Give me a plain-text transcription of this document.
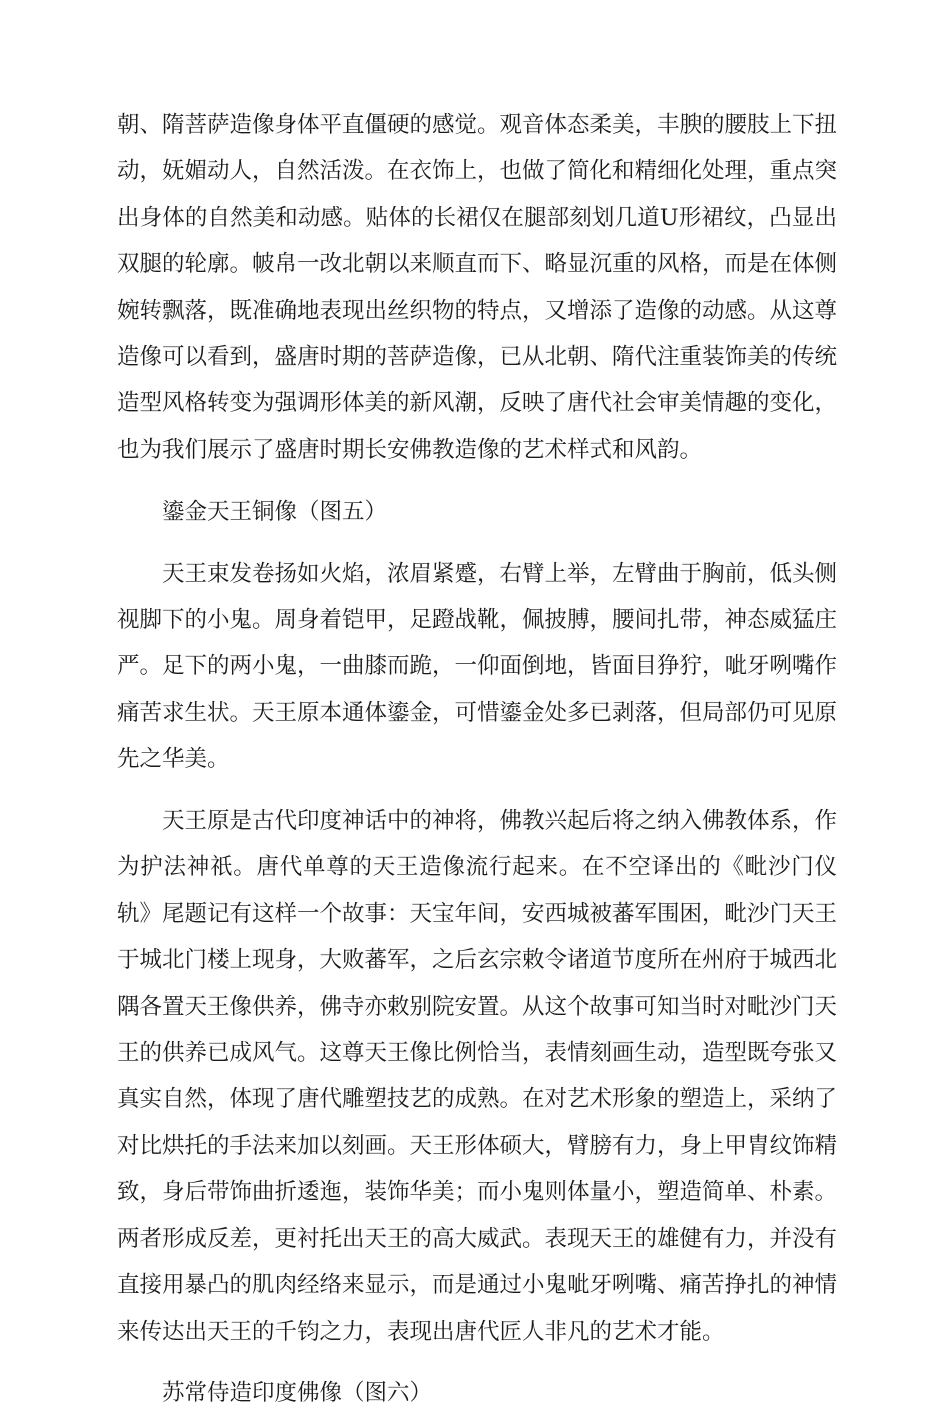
朝、隋菩萨造像身体平直僵硬的感觉。观音体态柔美，丰腴的腰肢上下扭
动，妩媚动人，自然活泼。在衣饰上，也做了简化和精细化处理，重点突
出身体的自然美和动感。贴体的长裙仅在腿部刻划几道U形裙纹，凸显出
双腿的轮廓。帔帛一改北朝以来顺直而下、略显沉重的风格，而是在体侧
婉转飘落，既准确地表现出丝织物的特点，又增添了造像的动感。从这尊
造像可以看到，盛唐时期的菩萨造像，已从北朝、隋代注重装饰美的传统
造型风格转变为强调形体美的新风潮，反映了唐代社会审美情趣的变化，
也为我们展示了盛唐时期长安佛教造像的艺术样式和风韵。
鎏金天王铜像（图五）
天王束发卷扬如火焰，浓眉紧蹙，右臂上举，左臂曲于胸前，低头侧
视脚下的小鬼。周身着铠甲，足蹬战靴，佩披膊，腰间扎带，神态威猛庄
严。足下的两小鬼，一曲膝而跪，一仰面倒地，皆面目狰狞，呲牙咧嘴作
痛苦求生状。天王原本通体鎏金，可惜鎏金处多已剥落，但局部仍可见原
先之华美。
天王原是古代印度神话中的神将，佛教兴起后将之纳入佛教体系，作
为护法神祇。唐代单尊的天王造像流行起来。在不空译出的《毗沙门仪
轨》尾题记有这样一个故事：天宝年间，安西城被蕃军围困，毗沙门天王
于城北门楼上现身，大败蕃军，之后玄宗敕令诸道节度所在州府于城西北
隅各置天王像供养，佛寺亦敕别院安置。从这个故事可知当时对毗沙门天
王的供养已成风气。这尊天王像比例恰当，表情刻画生动，造型既夸张又
真实自然，体现了唐代雕塑技艺的成熟。在对艺术形象的塑造上，采纳了
对比烘托的手法来加以刻画。天王形体硕大，臂膀有力，身上甲胄纹饰精
致，身后带饰曲折逶迤，装饰华美；而小鬼则体量小，塑造简单、朴素。
两者形成反差，更衬托出天王的高大威武。表现天王的雄健有力，并没有
直接用暴凸的肌肉经络来显示，而是通过小鬼呲牙咧嘴、痛苦挣扎的神情
来传达出天王的千钧之力，表现出唐代匠人非凡的艺术才能。
苏常侍造印度佛像（图六）
